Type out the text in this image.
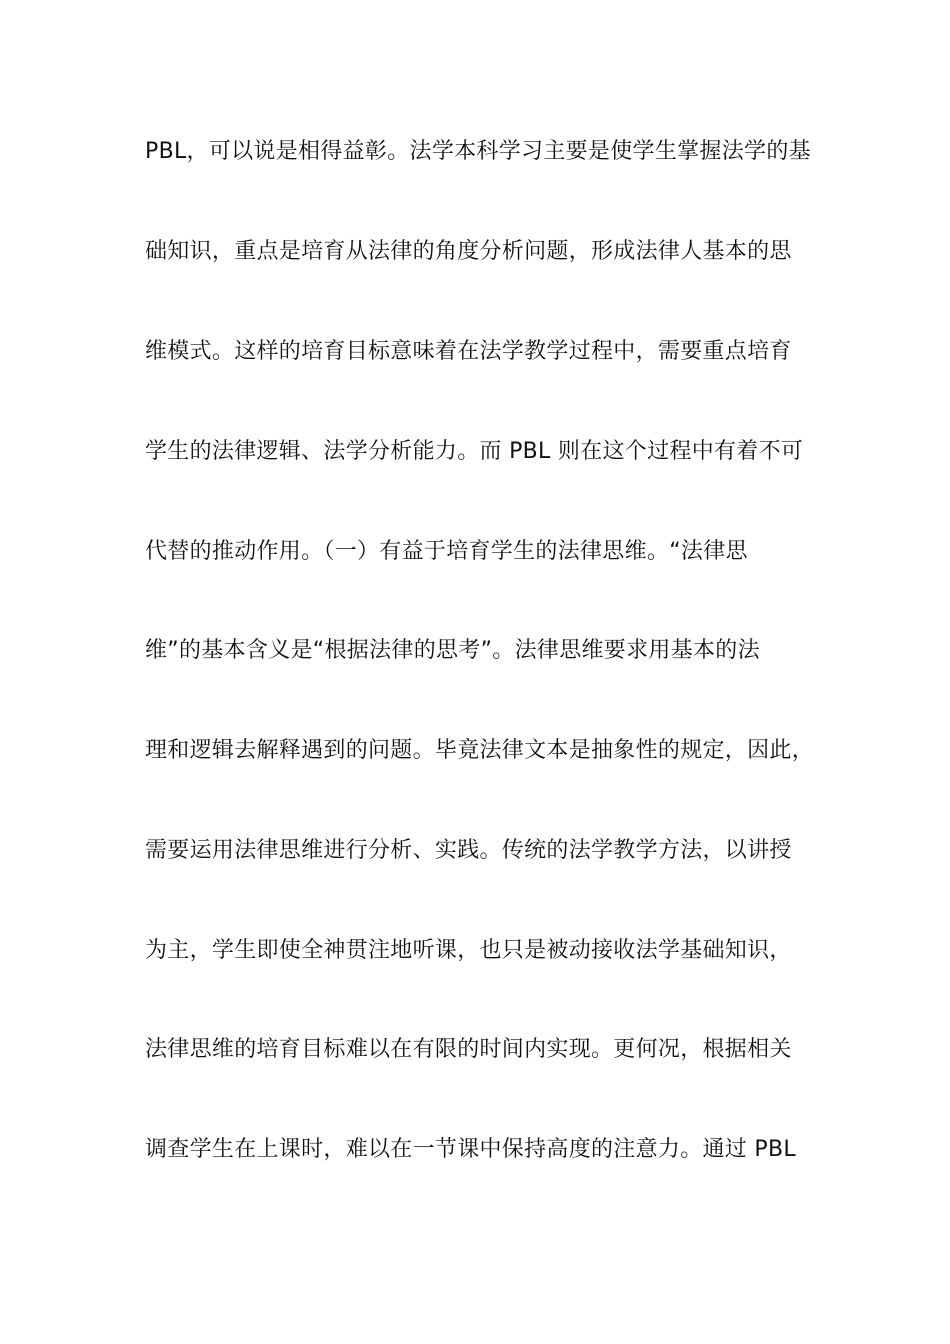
PBL，可以说是相得益彰。法学本科学习主要是使学生掌握法学的基
础知识，重点是培育从法律的角度分析问题，形成法律人基本的思
维模式。这样的培育目标意味着在法学教学过程中，需要重点培育
学生的法律逻辑、法学分析能力。而 PBL 则在这个过程中有着不可
代替的推动作用。（一）有益于培育学生的法律思维。“法律思
维”的基本含义是“根据法律的思考”。法律思维要求用基本的法
理和逻辑去解释遇到的问题。毕竟法律文本是抽象性的规定，因此，
需要运用法律思维进行分析、实践。传统的法学教学方法，以讲授
为主，学生即使全神贯注地听课，也只是被动接收法学基础知识，
法律思维的培育目标难以在有限的时间内实现。更何况，根据相关
调查学生在上课时，难以在一节课中保持高度的注意力。通过 PBL
